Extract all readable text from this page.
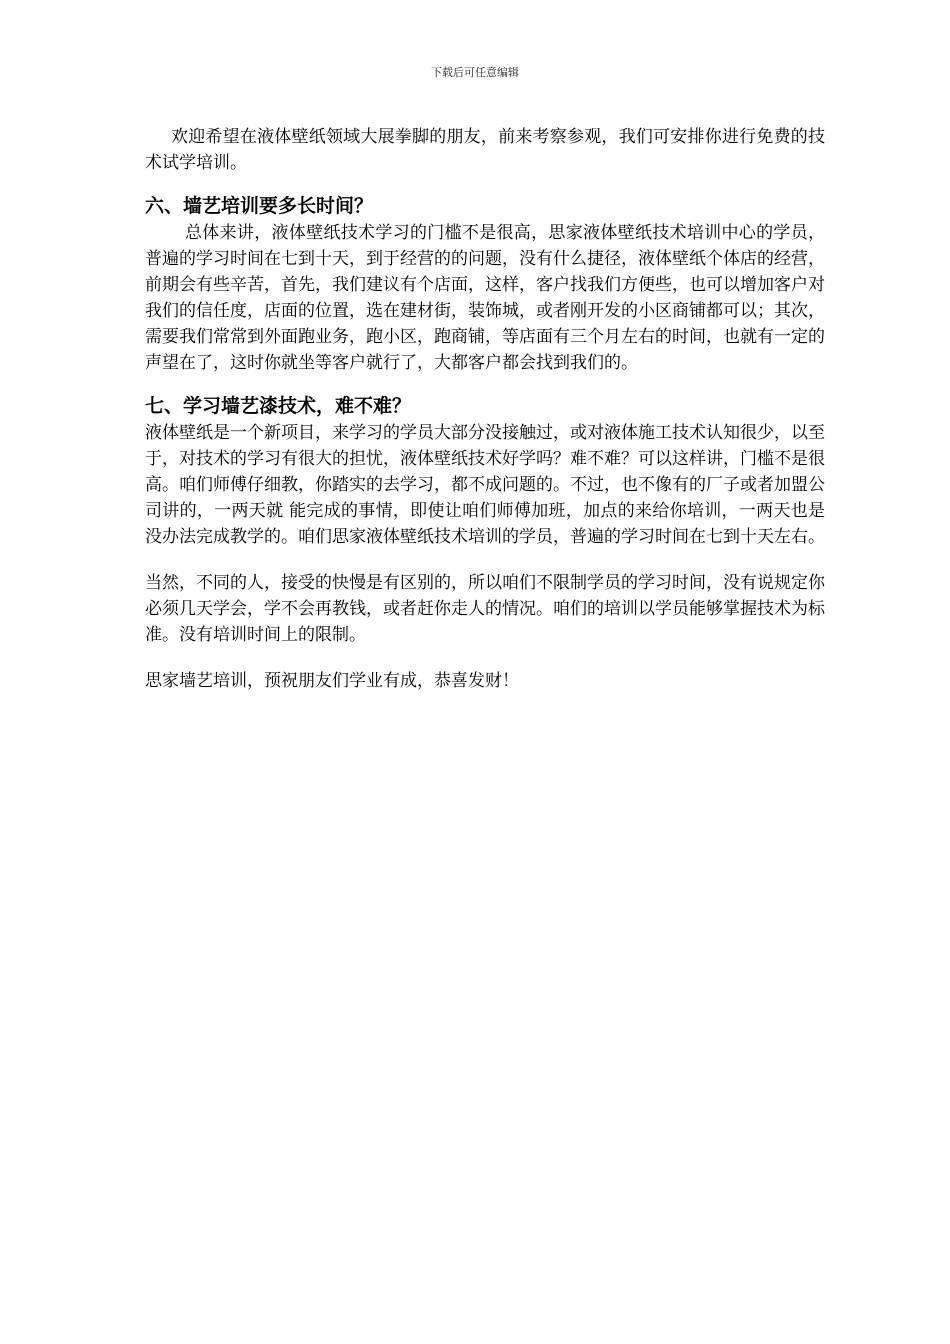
下载后可任意编辑

欢迎希望在液体壁纸领域大展拳脚的朋友，前来考察参观，我们可安排你进行免费的技术试学培训。

六、墙艺培训要多长时间？

总体来讲，液体壁纸技术学习的门槛不是很高，思家液体壁纸技术培训中心的学员，普遍的学习时间在七到十天，到于经营的的问题，没有什么捷径，液体壁纸个体店的经营，前期会有些辛苦，首先，我们建议有个店面，这样，客户找我们方便些，也可以增加客户对我们的信任度，店面的位置，选在建材街，装饰城，或者刚开发的小区商铺都可以；其次，需要我们常常到外面跑业务，跑小区，跑商铺，等店面有三个月左右的时间，也就有一定的声望在了，这时你就坐等客户就行了，大都客户都会找到我们的。

七、学习墙艺漆技术，难不难？

液体壁纸是一个新项目，来学习的学员大部分没接触过，或对液体施工技术认知很少，以至于，对技术的学习有很大的担忧，液体壁纸技术好学吗？难不难？可以这样讲，门槛不是很高。咱们师傅仔细教，你踏实的去学习，都不成问题的。不过，也不像有的厂子或者加盟公司讲的，一两天就 能完成的事情，即使让咱们师傅加班，加点的来给你培训，一两天也是没办法完成教学的。咱们思家液体壁纸技术培训的学员，普遍的学习时间在七到十天左右。

当然，不同的人，接受的快慢是有区别的，所以咱们不限制学员的学习时间，没有说规定你必须几天学会，学不会再教钱，或者赶你走人的情况。咱们的培训以学员能够掌握技术为标准。没有培训时间上的限制。

思家墙艺培训，预祝朋友们学业有成，恭喜发财！
